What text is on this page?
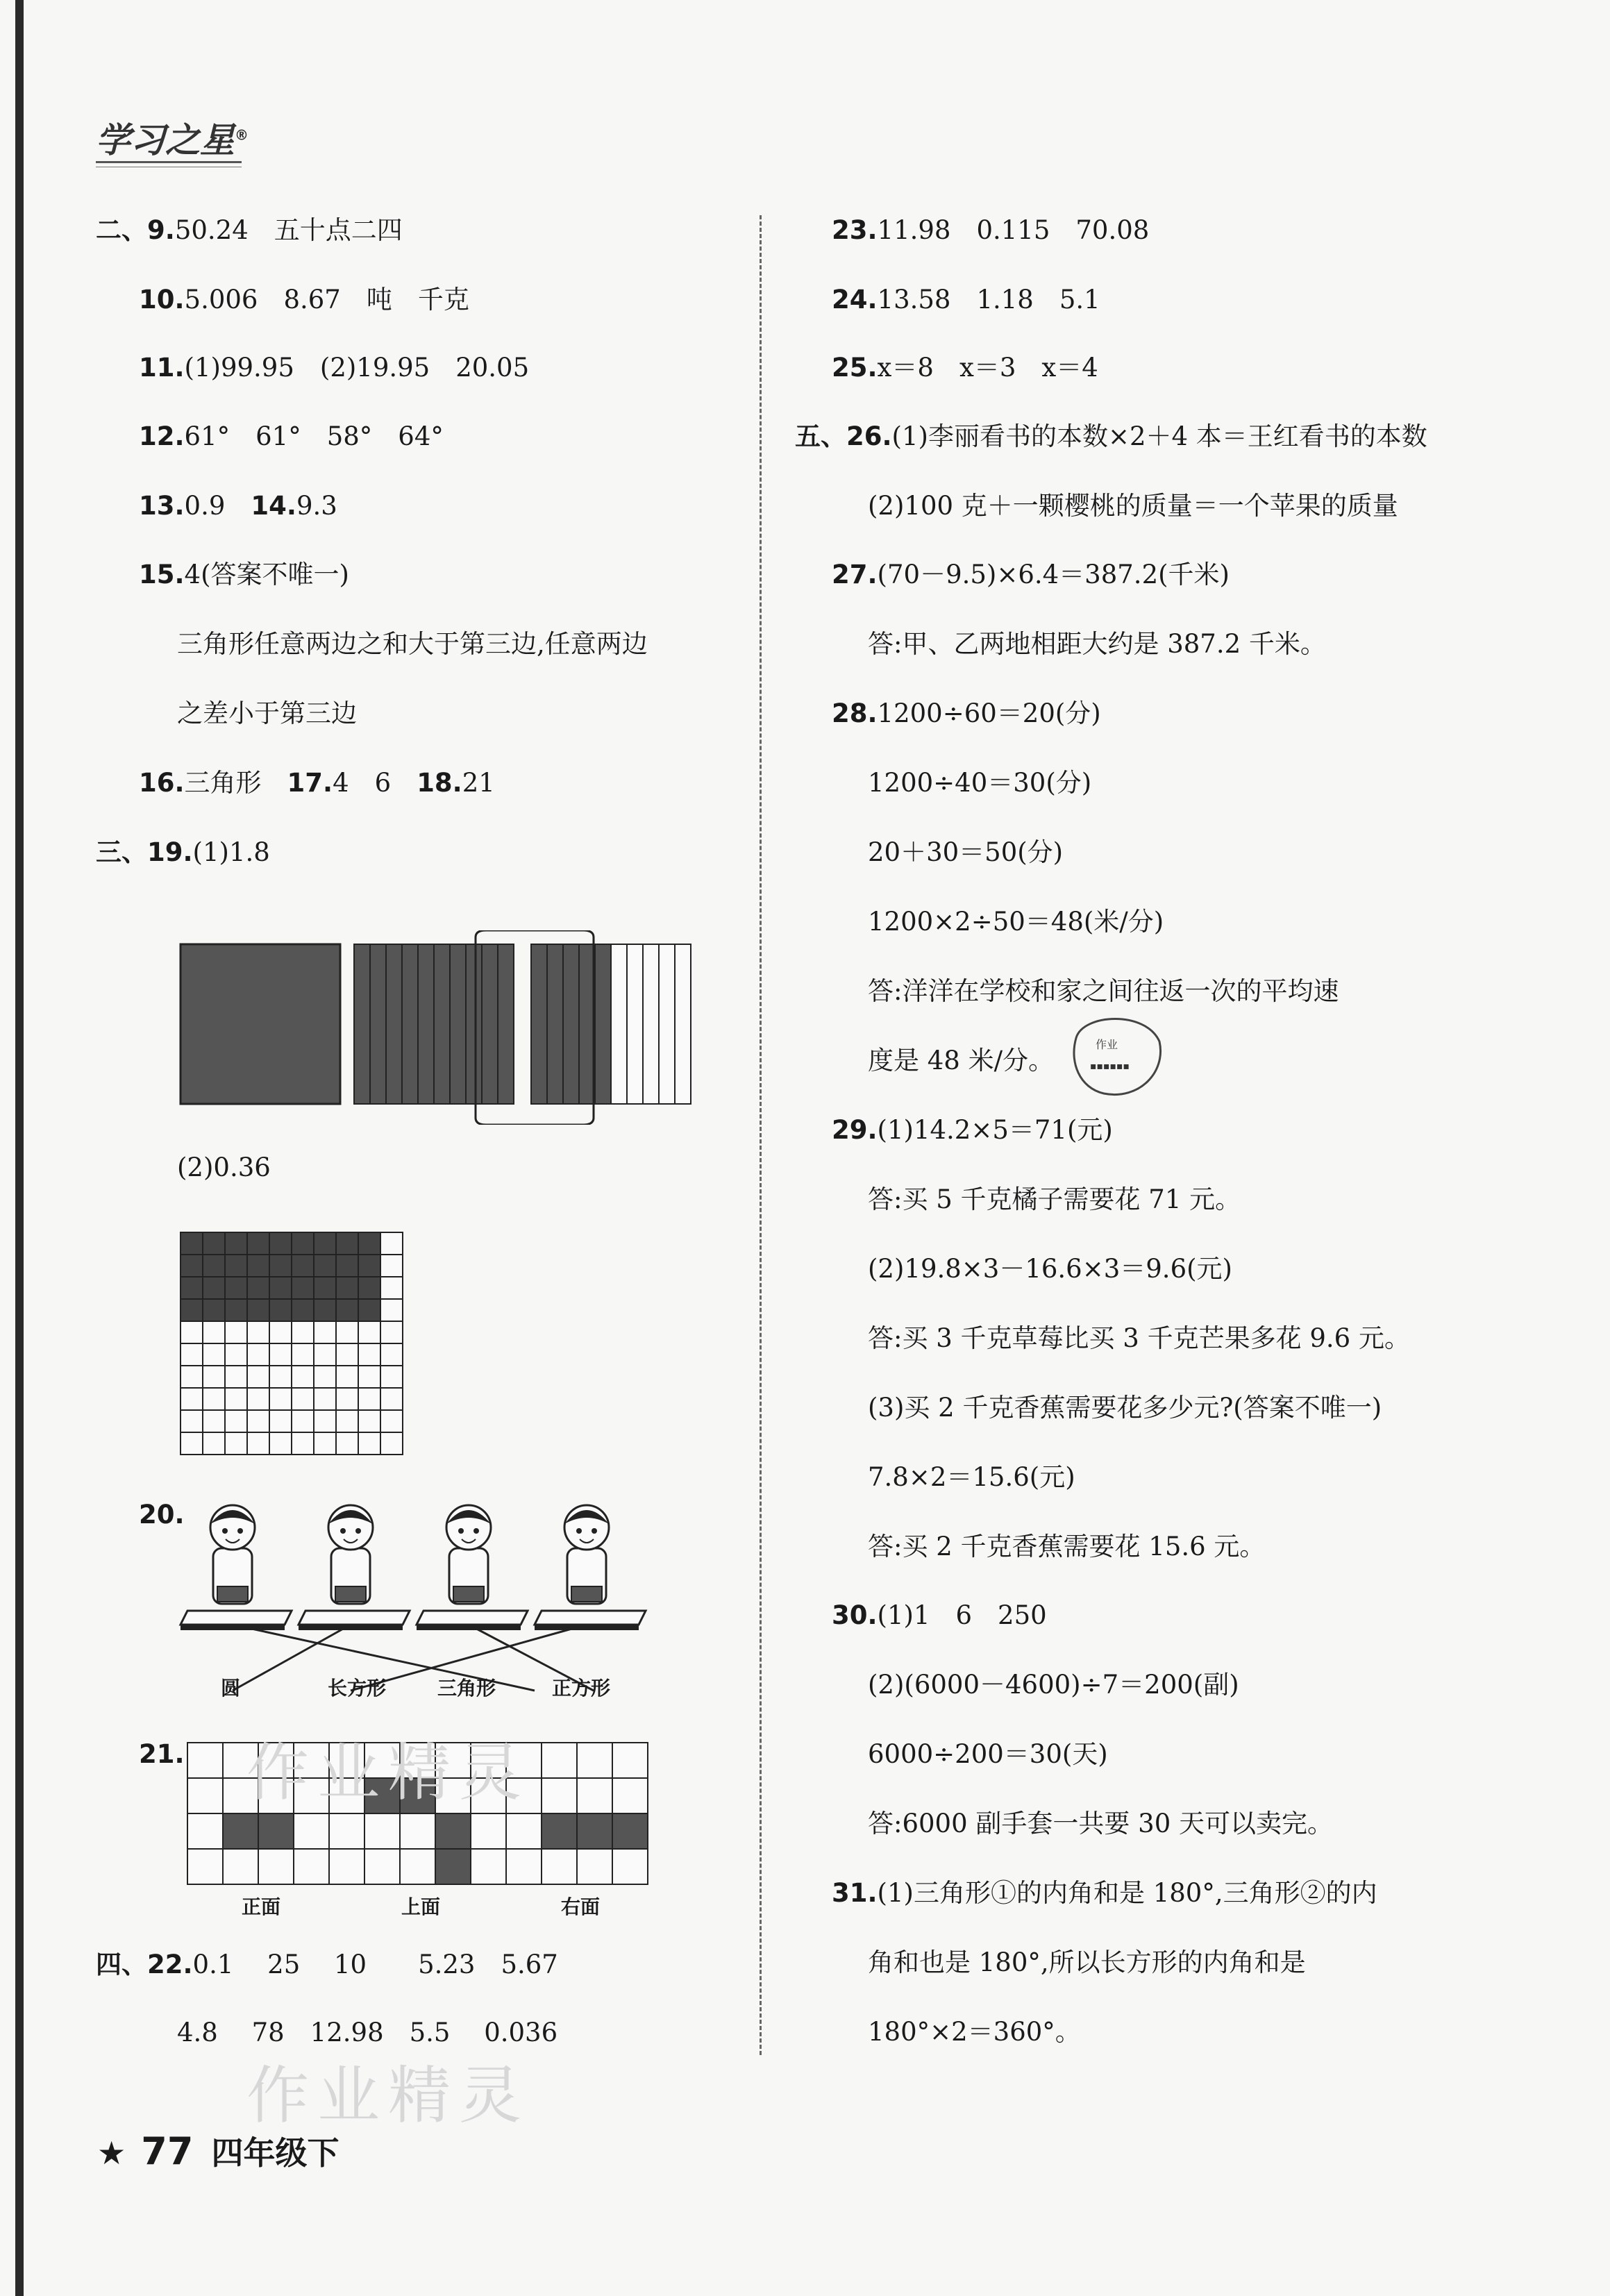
学习之星®
二、9.50.24　五十点二四
10.5.006　8.67　吨　千克
11.(1)99.95　(2)19.95　20.05
12.61°　61°　58°　64°
13.0.9　14.9.3
15.4(答案不唯一)
三角形任意两边之和大于第三边,任意两边
之差小于第三边
16.三角形　17.4　6　18.21
三、19.(1)1.8
(2)0.36
20.
21.
四、22.0.1　 25　 10　　5.23　5.67
4.8　 78　12.98　5.5　 0.036
圆	长方形	三角形	正方形
正面	上面	右面
23.11.98　0.115　70.08
24.13.58　1.18　5.1
25.x＝8　x＝3　x＝4
五、26.(1)李丽看书的本数×2＋4 本＝王红看书的本数
(2)100 克＋一颗樱桃的质量＝一个苹果的质量
27.(70－9.5)×6.4＝387.2(千米)
答:甲、乙两地相距大约是 387.2 千米。
28.1200÷60＝20(分)
1200÷40＝30(分)
20＋30＝50(分)
1200×2÷50＝48(米/分)
答:洋洋在学校和家之间往返一次的平均速
度是 48 米/分。
29.(1)14.2×5＝71(元)
答:买 5 千克橘子需要花 71 元。
(2)19.8×3－16.6×3＝9.6(元)
答:买 3 千克草莓比买 3 千克芒果多花 9.6 元。
(3)买 2 千克香蕉需要花多少元?(答案不唯一)
7.8×2＝15.6(元)
答:买 2 千克香蕉需要花 15.6 元。
30.(1)1　6　250
(2)(6000－4600)÷7＝200(副)
6000÷200＝30(天)
答:6000 副手套一共要 30 天可以卖完。
31.(1)三角形①的内角和是 180°,三角形②的内
角和也是 180°,所以长方形的内角和是
180°×2＝360°。
作业
▪▪▪▪▪▪
作业精灵
作业精灵
★ 77 四年级下
